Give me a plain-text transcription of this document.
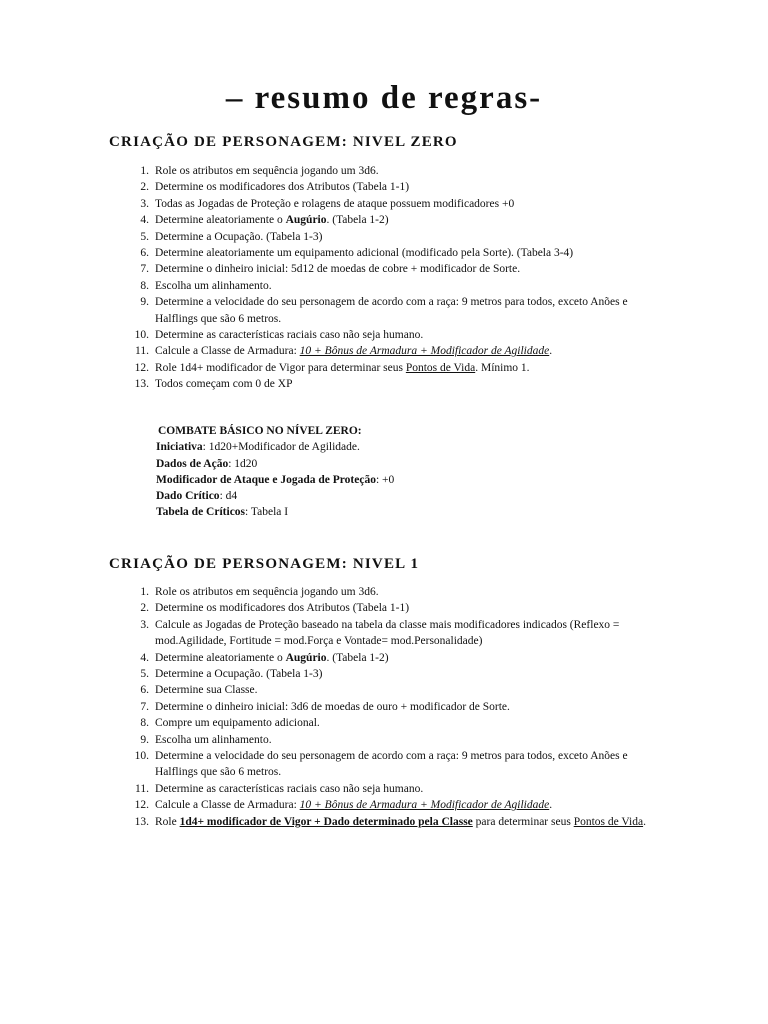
– resumo de regras-
CRIAÇÃO DE PERSONAGEM: NIVEL ZERO
1. Role os atributos em sequência jogando um 3d6.
2. Determine os modificadores dos Atributos (Tabela 1-1)
3. Todas as Jogadas de Proteção e rolagens de ataque possuem modificadores +0
4. Determine aleatoriamente o Augúrio. (Tabela 1-2)
5. Determine a Ocupação. (Tabela 1-3)
6. Determine aleatoriamente um equipamento adicional (modificado pela Sorte). (Tabela 3-4)
7. Determine o dinheiro inicial: 5d12 de moedas de cobre + modificador de Sorte.
8. Escolha um alinhamento.
9. Determine a velocidade do seu personagem de acordo com a raça: 9 metros para todos, exceto Anões e Halflings que são 6 metros.
10. Determine as características raciais caso não seja humano.
11. Calcule a Classe de Armadura: 10 + Bônus de Armadura + Modificador de Agilidade.
12. Role 1d4+ modificador de Vigor para determinar seus Pontos de Vida. Mínimo 1.
13. Todos começam com 0 de XP
COMBATE BÁSICO NO NÍVEL ZERO:
Iniciativa: 1d20+Modificador de Agilidade.
Dados de Ação: 1d20
Modificador de Ataque e Jogada de Proteção: +0
Dado Crítico: d4
Tabela de Críticos: Tabela I
CRIAÇÃO DE PERSONAGEM: NIVEL 1
1. Role os atributos em sequência jogando um 3d6.
2. Determine os modificadores dos Atributos (Tabela 1-1)
3. Calcule as Jogadas de Proteção baseado na tabela da classe mais modificadores indicados (Reflexo = mod.Agilidade, Fortitude = mod.Força e Vontade= mod.Personalidade)
4. Determine aleatoriamente o Augúrio. (Tabela 1-2)
5. Determine a Ocupação. (Tabela 1-3)
6. Determine sua Classe.
7. Determine o dinheiro inicial: 3d6 de moedas de ouro + modificador de Sorte.
8. Compre um equipamento adicional.
9. Escolha um alinhamento.
10. Determine a velocidade do seu personagem de acordo com a raça: 9 metros para todos, exceto Anões e Halflings que são 6 metros.
11. Determine as características raciais caso não seja humano.
12. Calcule a Classe de Armadura: 10 + Bônus de Armadura + Modificador de Agilidade.
13. Role 1d4+ modificador de Vigor + Dado determinado pela Classe para determinar seus Pontos de Vida.
